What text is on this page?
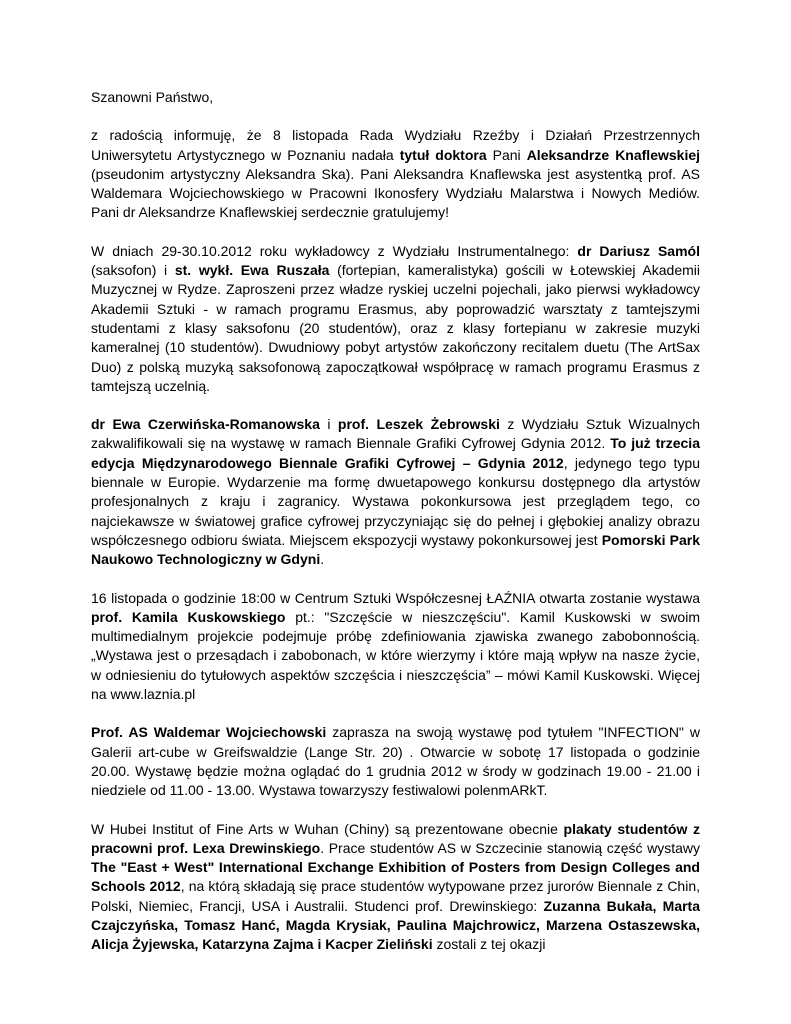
Szanowni Państwo,

z radością informuję, że 8 listopada Rada Wydziału Rzeźby i Działań Przestrzennych Uniwersytetu Artystycznego w Poznaniu nadała tytuł doktora Pani Aleksandrze Knaflewskiej (pseudonim artystyczny Aleksandra Ska). Pani Aleksandra Knaflewska jest asystentką prof. AS Waldemara Wojciechowskiego w Pracowni Ikonosfery Wydziału Malarstwa i Nowych Mediów. Pani dr Aleksandrze Knaflewskiej serdecznie gratulujemy!

W dniach 29-30.10.2012 roku wykładowcy z Wydziału Instrumentalnego: dr Dariusz Samól (saksofon) i st. wykł. Ewa Ruszała (fortepian, kameralistyka) gościli w Łotewskiej Akademii Muzycznej w Rydze. Zaproszeni przez władze ryskiej uczelni pojechali, jako pierwsi wykładowcy Akademii Sztuki - w ramach programu Erasmus, aby poprowadzić warsztaty z tamtejszymi studentami z klasy saksofonu (20 studentów), oraz z klasy fortepianu w zakresie muzyki kameralnej (10 studentów). Dwudniowy pobyt artystów zakończony recitalem duetu (The ArtSax Duo) z polską muzyką saksofonową zapoczątkował współpracę w ramach programu Erasmus z tamtejszą uczelnią.

dr Ewa Czerwińska-Romanowska i prof. Leszek Żebrowski z Wydziału Sztuk Wizualnych zakwalifikowali się na wystawę w ramach Biennale Grafiki Cyfrowej Gdynia 2012. To już trzecia edycja Międzynarodowego Biennale Grafiki Cyfrowej – Gdynia 2012, jedynego tego typu biennale w Europie. Wydarzenie ma formę dwuetapowego konkursu dostępnego dla artystów profesjonalnych z kraju i zagranicy. Wystawa pokonkursowa jest przeglądem tego, co najciekawsze w światowej grafice cyfrowej przyczyniając się do pełnej i głębokiej analizy obrazu współczesnego odbioru świata. Miejscem ekspozycji wystawy pokonkursowej jest Pomorski Park Naukowo Technologiczny w Gdyni.

16 listopada o godzinie 18:00 w Centrum Sztuki Współczesnej ŁAŹNIA otwarta zostanie wystawa prof. Kamila Kuskowskiego pt.: "Szczęście w nieszczęściu". Kamil Kuskowski w swoim multimedialnym projekcie podejmuje próbę zdefiniowania zjawiska zwanego zabobonnością. „Wystawa jest o przesądach i zabobonach, w które wierzymy i które mają wpływ na nasze życie, w odniesieniu do tytułowych aspektów szczęścia i nieszczęścia” – mówi Kamil Kuskowski. Więcej na www.laznia.pl

Prof. AS Waldemar Wojciechowski zaprasza na swoją wystawę pod tytułem "INFECTION" w Galerii art-cube w Greifswaldzie (Lange Str. 20) . Otwarcie w sobotę 17 listopada o godzinie 20.00. Wystawę będzie można oglądać do 1 grudnia 2012 w środy w godzinach 19.00 - 21.00 i niedziele od 11.00 - 13.00. Wystawa towarzyszy festiwalowi polenmARkT.

W Hubei Institut of Fine Arts w Wuhan (Chiny) są prezentowane obecnie plakaty studentów z pracowni prof. Lexa Drewinskiego. Prace studentów AS w Szczecinie stanowią część wystawy The "East + West" International Exchange Exhibition of Posters from Design Colleges and Schools 2012, na którą składają się prace studentów wytypowane przez jurorów Biennale z Chin, Polski, Niemiec, Francji, USA i Australii. Studenci prof. Drewinskiego: Zuzanna Bukała, Marta Czajczyńska, Tomasz Hanć, Magda Krysiak, Paulina Majchrowicz, Marzena Ostaszewska, Alicja Żyjewska, Katarzyna Zajma i Kacper Zieliński zostali z tej okazji
